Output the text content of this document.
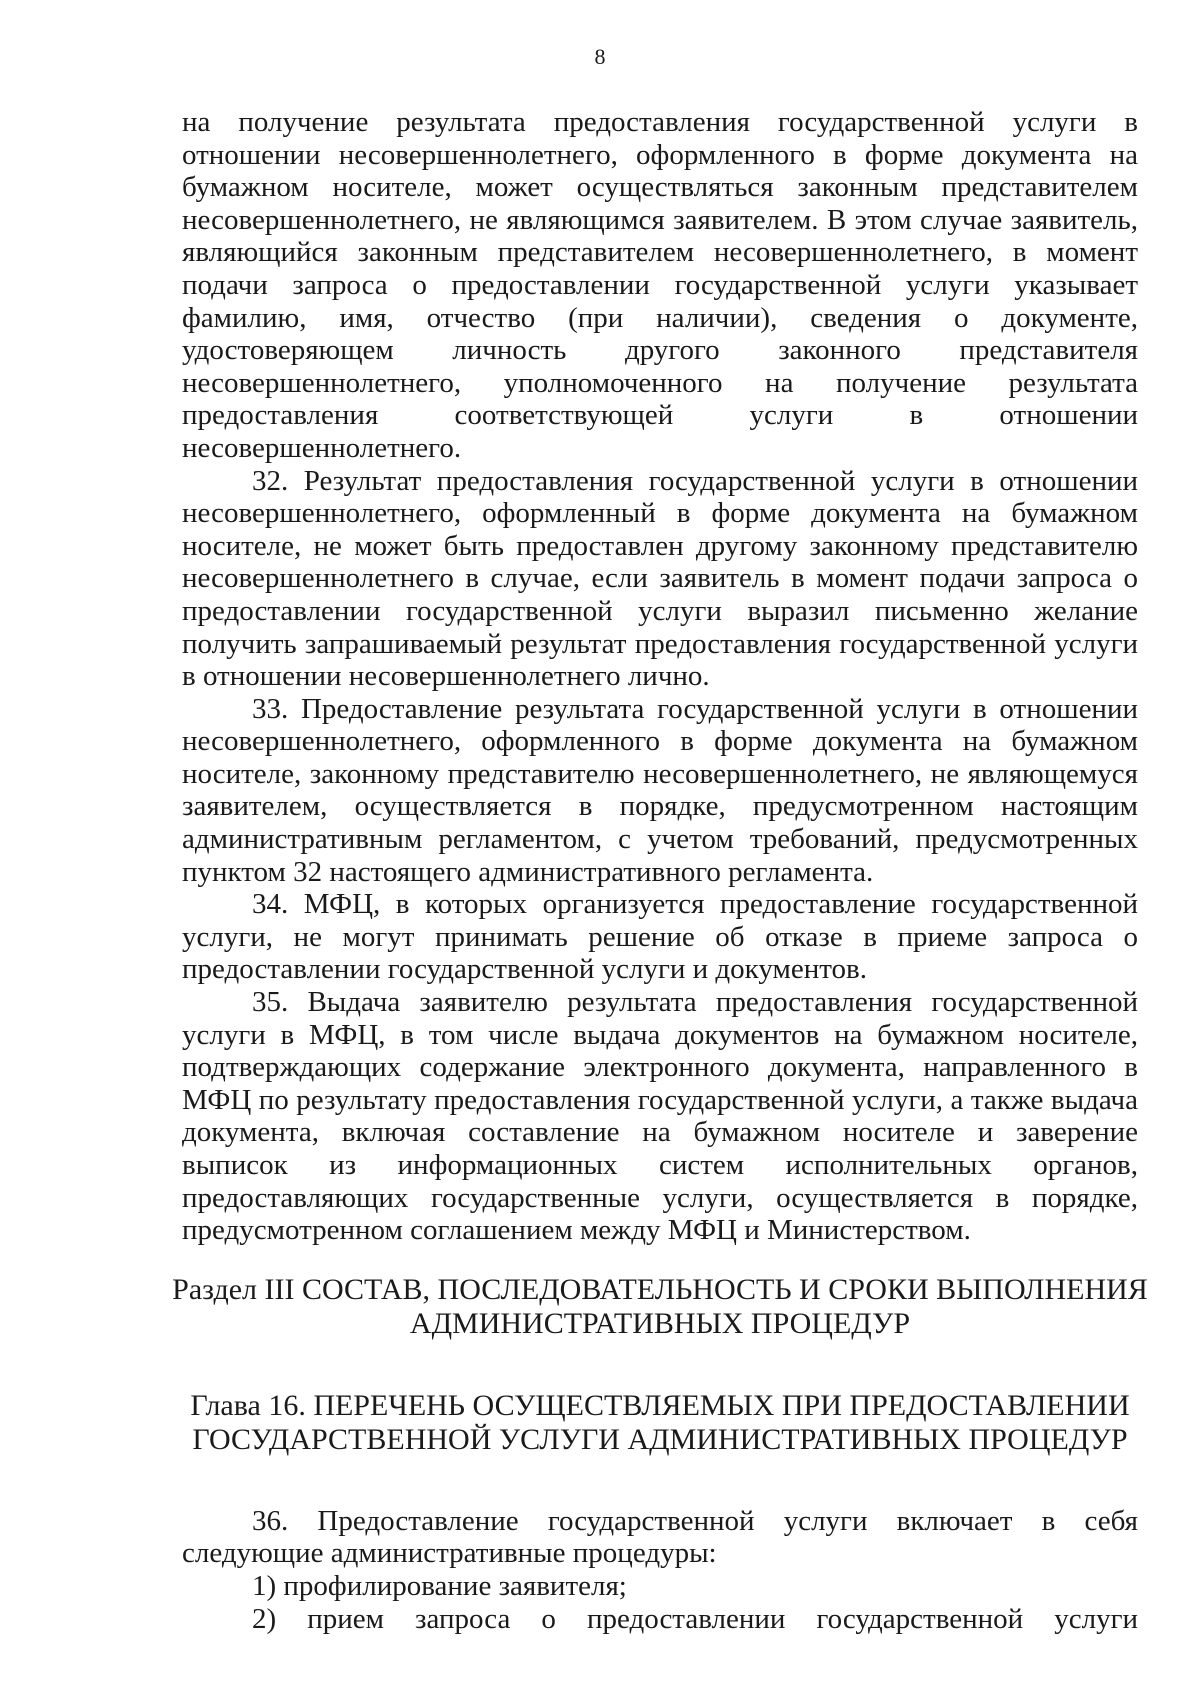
8

на получение результата предоставления государственной услуги в отношении несовершеннолетнего, оформленного в форме документа на бумажном носителе, может осуществляться законным представителем несовершеннолетнего, не являющимся заявителем. В этом случае заявитель, являющийся законным представителем несовершеннолетнего, в момент подачи запроса о предоставлении государственной услуги указывает фамилию, имя, отчество (при наличии), сведения о документе, удостоверяющем личность другого законного представителя несовершеннолетнего, уполномоченного на получение результата предоставления соответствующей услуги в отношении несовершеннолетнего.

32. Результат предоставления государственной услуги в отношении несовершеннолетнего, оформленный в форме документа на бумажном носителе, не может быть предоставлен другому законному представителю несовершеннолетнего в случае, если заявитель в момент подачи запроса о предоставлении государственной услуги выразил письменно желание получить запрашиваемый результат предоставления государственной услуги в отношении несовершеннолетнего лично.

33. Предоставление результата государственной услуги в отношении несовершеннолетнего, оформленного в форме документа на бумажном носителе, законному представителю несовершеннолетнего, не являющемуся заявителем, осуществляется в порядке, предусмотренном настоящим административным регламентом, с учетом требований, предусмотренных пунктом 32 настоящего административного регламента.

34. МФЦ, в которых организуется предоставление государственной услуги, не могут принимать решение об отказе в приеме запроса о предоставлении государственной услуги и документов.

35. Выдача заявителю результата предоставления государственной услуги в МФЦ, в том числе выдача документов на бумажном носителе, подтверждающих содержание электронного документа, направленного в МФЦ по результату предоставления государственной услуги, а также выдача документа, включая составление на бумажном носителе и заверение выписок из информационных систем исполнительных органов, предоставляющих государственные услуги, осуществляется в порядке, предусмотренном соглашением между МФЦ и Министерством.

Раздел III СОСТАВ, ПОСЛЕДОВАТЕЛЬНОСТЬ И СРОКИ ВЫПОЛНЕНИЯ
АДМИНИСТРАТИВНЫХ ПРОЦЕДУР
Глава 16. ПЕРЕЧЕНЬ ОСУЩЕСТВЛЯЕМЫХ ПРИ ПРЕДОСТАВЛЕНИИ
ГОСУДАРСТВЕННОЙ УСЛУГИ АДМИНИСТРАТИВНЫХ ПРОЦЕДУР

36. Предоставление государственной услуги включает в себя следующие административные процедуры:

1) профилирование заявителя;

2) прием запроса о предоставлении государственной услуги
